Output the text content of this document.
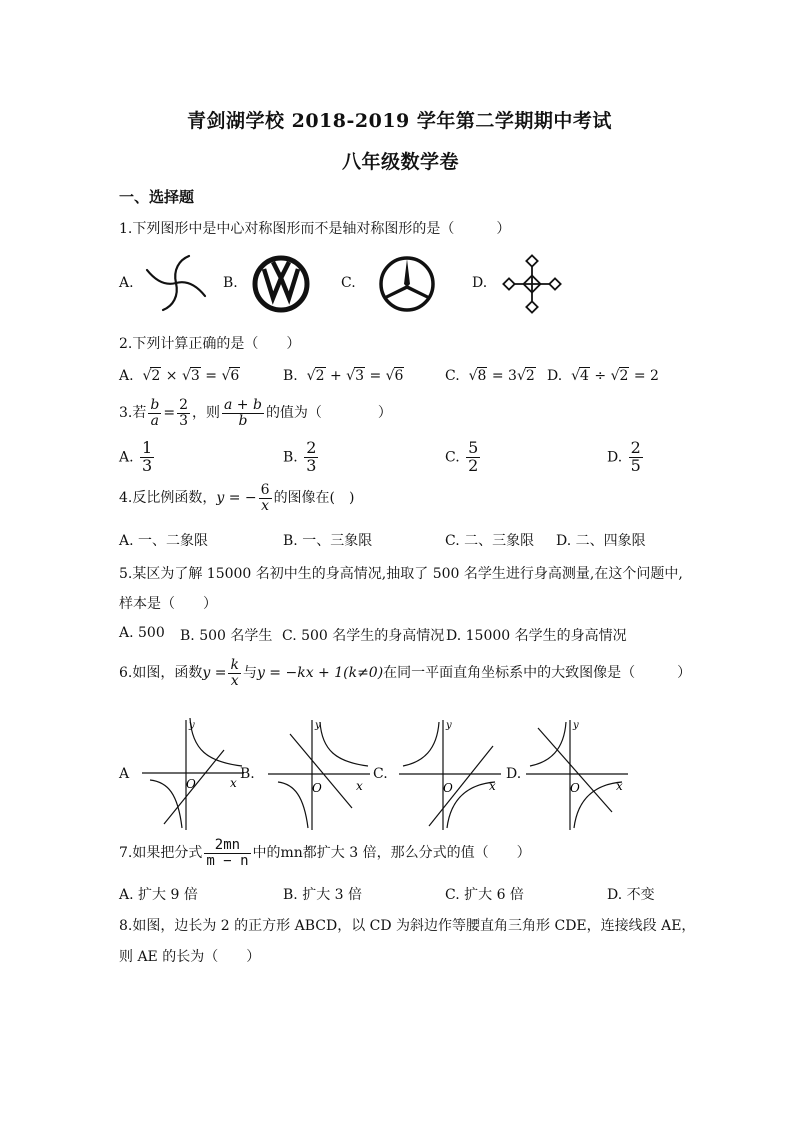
青剑湖学校 2018-2019 学年第二学期期中考试
八年级数学卷
一、选择题
1.下列图形中是中心对称图形而不是轴对称图形的是（　　　）
A.	B.	C.	D.
2.下列计算正确的是（　　）
A. √2 × √3 = √6	B. √2 + √3 = √6	C. √8 = 3√2 D. √4 ÷ √2 = 2
3.若 $\frac{b}{a} = \frac{2}{3}$ ，则 $\frac{a + b}{b}$ 的值为（　　　　）
A. $\frac{1}{3}$	B. $\frac{2}{3}$	C. $\frac{5}{2}$	D. $\frac{2}{5}$
4.反比例函数，y = − $\frac{6}{x}$ 的图像在(　)
A. 一、二象限	B. 一、三象限	C. 二、三象限 D. 二、四象限
5.某区为了解 15000 名初中生的身高情况,抽取了 500 名学生进行身高测量,在这个问题中,
样本是（　　）
A. 500 B. 500 名学生 C. 500 名学生的身高情况 D. 15000 名学生的身高情况
6.如图，函数$y = \frac{k}{x}$ 与y = −kx + 1(k≠0)在同一平面直角坐标系中的大致图像是（　　　）
A	B.	C.	D.
y
x
O
y
x
O
y
x
O
y
x
O
7.如果把分式 $\frac{2mn}{m - n}$ 中的mn都扩大 3 倍，那么分式的值（　　）
A. 扩大 9 倍	B. 扩大 3 倍	C. 扩大 6 倍	D. 不变
8.如图，边长为 2 的正方形 ABCD，以 CD 为斜边作等腰直角三角形 CDE，连接线段 AE，
则 AE 的长为（　　）
